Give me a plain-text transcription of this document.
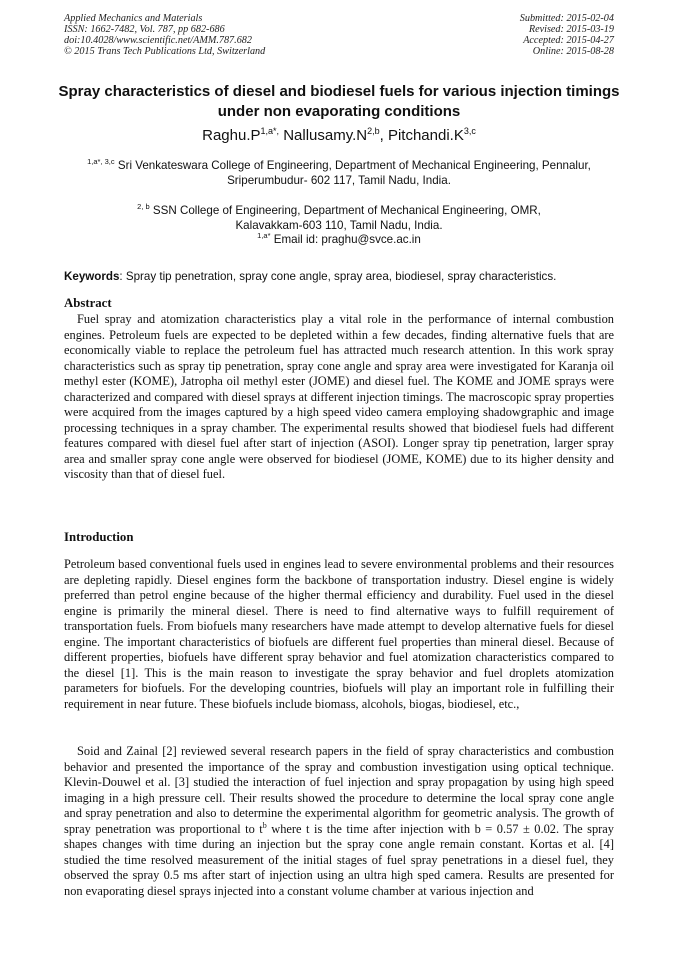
Applied Mechanics and Materials
ISSN: 1662-7482, Vol. 787, pp 682-686
doi:10.4028/www.scientific.net/AMM.787.682
© 2015 Trans Tech Publications Ltd, Switzerland
Submitted: 2015-02-04
Revised: 2015-03-19
Accepted: 2015-04-27
Online: 2015-08-28
Spray characteristics of diesel and biodiesel fuels for various injection timings under non evaporating conditions
$Raghu.P^{1,a*,}$ $Nallusamy.N^{2,b}$, $Pitchandi.K^{3,c}$
$^{1,a*, 3,c}$ Sri Venkateswara College of Engineering, Department of Mechanical Engineering, Pennalur,
Sriperumbudur- 602 117, Tamil Nadu, India.
$^{2, b}$ SSN College of Engineering, Department of Mechanical Engineering, OMR,
Kalavakkam-603 110, Tamil Nadu, India.
$^{1,a*}$ Email id: praghu@svce.ac.in
Keywords: Spray tip penetration, spray cone angle, spray area, biodiesel, spray characteristics.
Abstract
Fuel spray and atomization characteristics play a vital role in the performance of internal combustion engines. Petroleum fuels are expected to be depleted within a few decades, finding alternative fuels that are economically viable to replace the petroleum fuel has attracted much research attention. In this work spray characteristics such as spray tip penetration, spray cone angle and spray area were investigated for Karanja oil methyl ester (KOME), Jatropha oil methyl ester (JOME) and diesel fuel. The KOME and JOME sprays were characterized and compared with diesel sprays at different injection timings. The macroscopic spray properties were acquired from the images captured by a high speed video camera employing shadowgraphic and image processing techniques in a spray chamber. The experimental results showed that biodiesel fuels had different features compared with diesel fuel after start of injection (ASOI). Longer spray tip penetration, larger spray area and smaller spray cone angle were observed for biodiesel (JOME, KOME) due to its higher density and viscosity than that of diesel fuel.
Introduction
Petroleum based conventional fuels used in engines lead to severe environmental problems and their resources are depleting rapidly. Diesel engines form the backbone of transportation industry. Diesel engine is widely preferred than petrol engine because of the higher thermal efficiency and durability. Fuel used in the diesel engine is primarily the mineral diesel. There is need to find alternative ways to fulfill requirement of transportation fuels. From biofuels many researchers have made attempt to develop alternative fuels for diesel engine. The important characteristics of biofuels are different fuel properties than mineral diesel. Because of different properties, biofuels have different spray behavior and fuel atomization characteristics compared to the diesel [1]. This is the main reason to investigate the spray behavior and fuel droplets atomization parameters for biofuels. For the developing countries, biofuels will play an important role in fulfilling their requirement in near future. These biofuels include biomass, alcohols, biogas, biodiesel, etc.,
Soid and Zainal [2] reviewed several research papers in the field of spray characteristics and combustion behavior and presented the importance of the spray and combustion investigation using optical technique. Klevin-Douwel et al. [3] studied the interaction of fuel injection and spray propagation by using high speed imaging in a high pressure cell. Their results showed the procedure to determine the local spray cone angle and spray penetration and also to determine the experimental algorithm for geometric analysis. The growth of spray penetration was proportional to $t^b$ where t is the time after injection with b = 0.57 ± 0.02. The spray shapes changes with time during an injection but the spray cone angle remain constant. Kortas et al. [4] studied the time resolved measurement of the initial stages of fuel spray penetrations in a diesel fuel, they observed the spray 0.5 ms after start of injection using an ultra high sped camera. Results are presented for non evaporating diesel sprays injected into a constant volume chamber at various injection and
